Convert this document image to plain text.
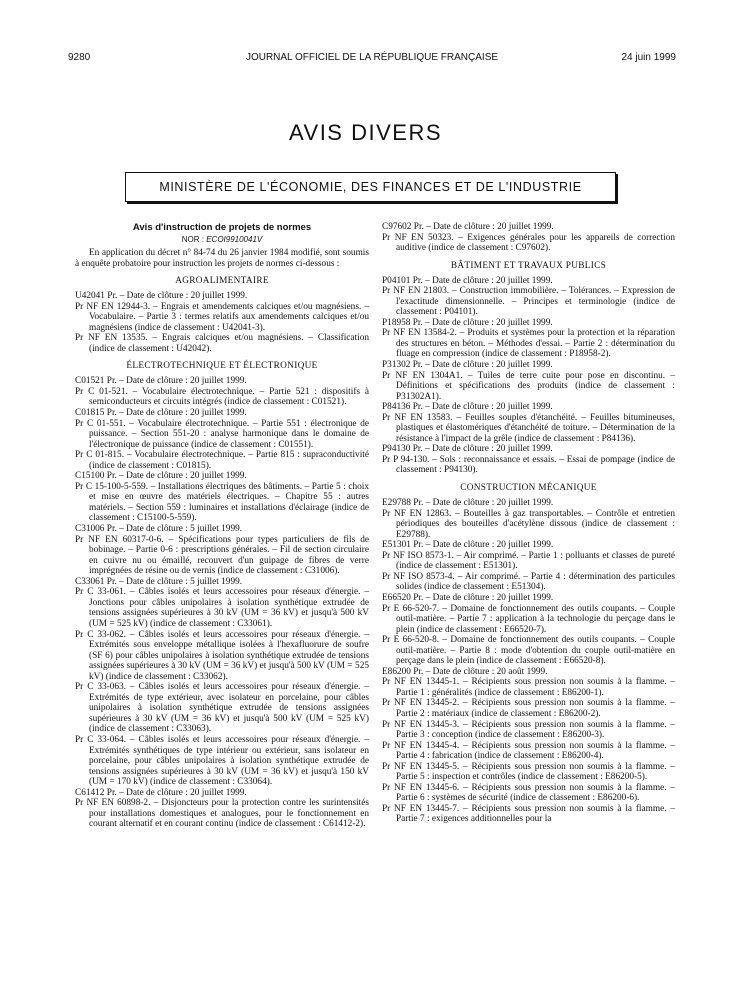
9280	JOURNAL OFFICIEL DE LA RÉPUBLIQUE FRANÇAISE	24 juin 1999
AVIS DIVERS
MINISTÈRE DE L'ÉCONOMIE, DES FINANCES ET DE L'INDUSTRIE
Avis d'instruction de projets de normes
NOR : ECOI9910041V

En application du décret n° 84-74 du 26 janvier 1984 modifié, sont soumis à enquête probatoire pour instruction les projets de normes ci-dessous :

AGROALIMENTAIRE

U42041 Pr. – Date de clôture : 20 juillet 1999.

Pr NF EN 12944-3. – Engrais et amendements calciques et/ou magnésiens. – Vocabulaire. – Partie 3 : termes relatifs aux amendements calciques et/ou magnésiens (indice de classement : U42041-3).

Pr NF EN 13535. – Engrais calciques et/ou magnésiens. – Classification (indice de classement : U42042).

ÉLECTROTECHNIQUE ET ÉLECTRONIQUE

C01521 Pr. – Date de clôture : 20 juillet 1999.

Pr C 01-521. – Vocabulaire électrotechnique. – Partie 521 : dispositifs à semiconducteurs et circuits intégrés (indice de classement : C01521).

C01815 Pr. – Date de clôture : 20 juillet 1999.

Pr C 01-551. – Vocabulaire électrotechnique. – Partie 551 : électronique de puissance. – Section 551-20 : analyse harmonique dans le domaine de l'électronique de puissance (indice de classement : C01551).

Pr C 01-815. – Vocabulaire électrotechnique. – Partie 815 : supraconductivité (indice de classement : C01815).

C15100 Pr. – Date de clôture : 20 juillet 1999.

Pr C 15-100-5-559. – Installations électriques des bâtiments. – Partie 5 : choix et mise en œuvre des matériels électriques. – Chapitre 55 : autres matériels. – Section 559 : luminaires et installations d'éclairage (indice de classement : C15100-5-559).

C31006 Pr. – Date de clôture : 5 juillet 1999.

Pr NF EN 60317-0-6. – Spécifications pour types particuliers de fils de bobinage. – Partie 0-6 : prescriptions générales. – Fil de section circulaire en cuivre nu ou émaillé, recouvert d'un guipage de fibres de verre imprégnées de résine ou de vernis (indice de classement : C31006).

C33061 Pr. – Date de clôture : 5 juillet 1999.

Pr C 33-061. – Câbles isolés et leurs accessoires pour réseaux d'énergie. – Jonctions pour câbles unipolaires à isolation synthétique extrudée de tensions assignées supérieures à 30 kV (UM = 36 kV) et jusqu'à 500 kV (UM = 525 kV) (indice de classement : C33061).

Pr C 33-062. – Câbles isolés et leurs accessoires pour réseaux d'énergie. – Extrémités sous enveloppe métallique isolées à l'hexafluorure de soufre (SF 6) pour câbles unipolaires à isolation synthétique extrudée de tensions assignées supérieures à 30 kV (UM = 36 kV) et jusqu'à 500 kV (UM = 525 kV) (indice de classement : C33062).

Pr C 33-063. – Câbles isolés et leurs accessoires pour réseaux d'énergie. – Extrémités de type extérieur, avec isolateur en porcelaine, pour câbles unipolaires à isolation synthétique extrudée de tensions assignées supérieures à 30 kV (UM = 36 kV) et jusqu'à 500 kV (UM = 525 kV) (indice de classement : C33063).

Pr C 33-064. – Câbles isolés et leurs accessoires pour réseaux d'énergie. – Extrémités synthétiques de type intérieur ou extérieur, sans isolateur en porcelaine, pour câbles unipolaires à isolation synthétique extrudée de tensions assignées supérieures à 30 kV (UM = 36 kV) et jusqu'à 150 kV (UM = 170 kV) (indice de classement : C33064).

C61412 Pr. – Date de clôture : 20 juillet 1999.

Pr NF EN 60898-2. – Disjoncteurs pour la protection contre les surintensités pour installations domestiques et analogues, pour le fonctionnement en courant alternatif et en courant continu (indice de classement : C61412-2).

C97602 Pr. – Date de clôture : 20 juillet 1999.

Pr NF EN 50323. – Exigences générales pour les appareils de correction auditive (indice de classement : C97602).

BÂTIMENT ET TRAVAUX PUBLICS

P04101 Pr. – Date de clôture : 20 juillet 1999.

Pr NF EN 21803. – Construction immobilière. – Tolérances. – Expression de l'exactitude dimensionnelle. – Principes et terminologie (indice de classement : P04101).

P18958 Pr. – Date de clôture : 20 juillet 1999.

Pr NF EN 13584-2. – Produits et systèmes pour la protection et la réparation des structures en béton. – Méthodes d'essai. – Partie 2 : détermination du fluage en compression (indice de classement : P18958-2).

P31302 Pr. – Date de clôture : 20 juillet 1999.

Pr NF EN 1304A1. – Tuiles de terre cuite pour pose en discontinu. – Définitions et spécifications des produits (indice de classement : P31302A1).

P84136 Pr. – Date de clôture : 20 juillet 1999.

Pr NF EN 13583. – Feuilles souples d'étanchéité. – Feuilles bitumineuses, plastiques et élastomériques d'étanchéité de toiture. – Détermination de la résistance à l'impact de la grêle (indice de classement : P84136).

P94130 Pr. – Date de clôture : 20 juillet 1999.

Pr P 94-130. – Sols : reconnaissance et essais. – Essai de pompage (indice de classement : P94130).

CONSTRUCTION MÉCANIQUE

E29788 Pr. – Date de clôture : 20 juillet 1999.

Pr NF EN 12863. – Bouteilles à gaz transportables. – Contrôle et entretien périodiques des bouteilles d'acétylène dissous (indice de classement : E29788).

E51301 Pr. – Date de clôture : 20 juillet 1999.

Pr NF ISO 8573-1. – Air comprimé. – Partie 1 : polluants et classes de pureté (indice de classement : E51301).

Pr NF ISO 8573-4. – Air comprimé. – Partie 4 : détermination des particules solides (indice de classement : E51304).

E66520 Pr. – Date de clôture : 20 juillet 1999.

Pr E 66-520-7. – Domaine de fonctionnement des outils coupants. – Couple outil-matière. – Partie 7 : application à la technologie du perçage dans le plein (indice de classement : E66520-7).

Pr E 66-520-8. – Domaine de fonctionnement des outils coupants. – Couple outil-matière. – Partie 8 : mode d'obtention du couple outil-matière en perçage dans le plein (indice de classement : E66520-8).

E86200 Pr. – Date de clôture : 20 août 1999.

Pr NF EN 13445-1. – Récipients sous pression non soumis à la flamme. – Partie 1 : généralités (indice de classement : E86200-1).

Pr NF EN 13445-2. – Récipients sous pression non soumis à la flamme. – Partie 2 : matériaux (indice de classement : E86200-2).

Pr NF EN 13445-3. – Récipients sous pression non soumis à la flamme. – Partie 3 : conception (indice de classement : E86200-3).

Pr NF EN 13445-4. – Récipients sous pression non soumis à la flamme. – Partie 4 : fabrication (indice de classement : E86200-4).

Pr NF EN 13445-5. – Récipients sous pression non soumis à la flamme. – Partie 5 : inspection et contrôles (indice de classement : E86200-5).

Pr NF EN 13445-6. – Récipients sous pression non soumis à la flamme. – Partie 6 : systèmes de sécurité (indice de classement : E86200-6).

Pr NF EN 13445-7. – Récipients sous pression non soumis à la flamme. – Partie 7 : exigences additionnelles pour la
